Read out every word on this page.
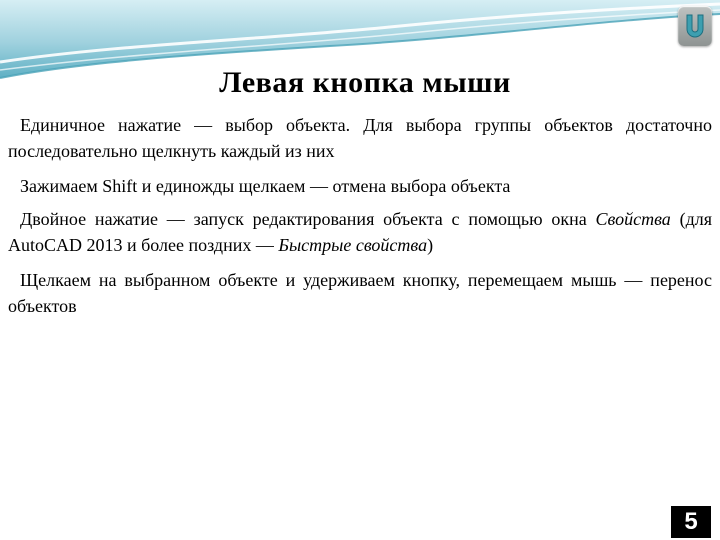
Левая кнопка мыши

Единичное нажатие — выбор объекта. Для выбора группы объектов достаточно последовательно щелкнуть каждый из них

Зажимаем Shift и единожды щелкаем — отмена выбора объекта

Двойное нажатие — запуск редактирования объекта с помощью окна Свойства (для AutoCAD 2013 и более поздних — Быстрые свойства)

Щелкаем на выбранном объекте и удерживаем кнопку, перемещаем мышь — перенос объектов

5
